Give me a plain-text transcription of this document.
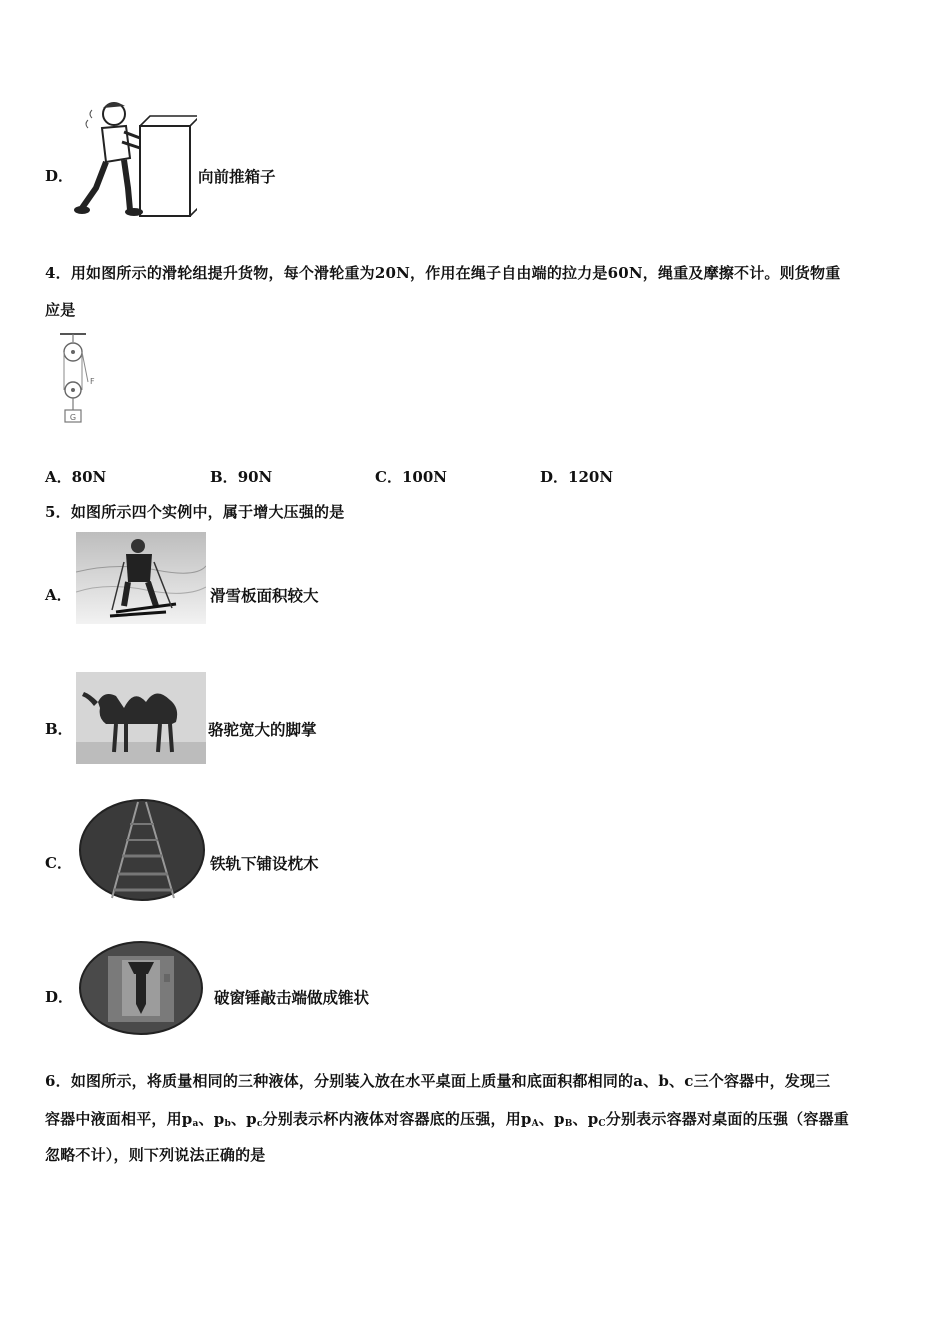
D．	向前推箱子
4．用如图所示的滑轮组提升货物，每个滑轮重为20N，作用在绳子自由端的拉力是60N，绳重及摩擦不计。则货物重
应是
G
F
A．80N	B．90N	C．100N	D．120N
5．如图所示四个实例中，属于增大压强的是
A．	滑雪板面积较大
B．	骆驼宽大的脚掌
C．	铁轨下铺设枕木
D．	破窗锤敲击端做成锥状
6．如图所示，将质量相同的三种液体，分别装入放在水平桌面上质量和底面积都相同的a、b、c三个容器中，发现三
容器中液面相平，用$p_a$、$p_b$、$p_c$分别表示杯内液体对容器底的压强，用$p_A$、$p_B$、$p_C$分别表示容器对桌面的压强（容器重
忽略不计），则下列说法正确的是
